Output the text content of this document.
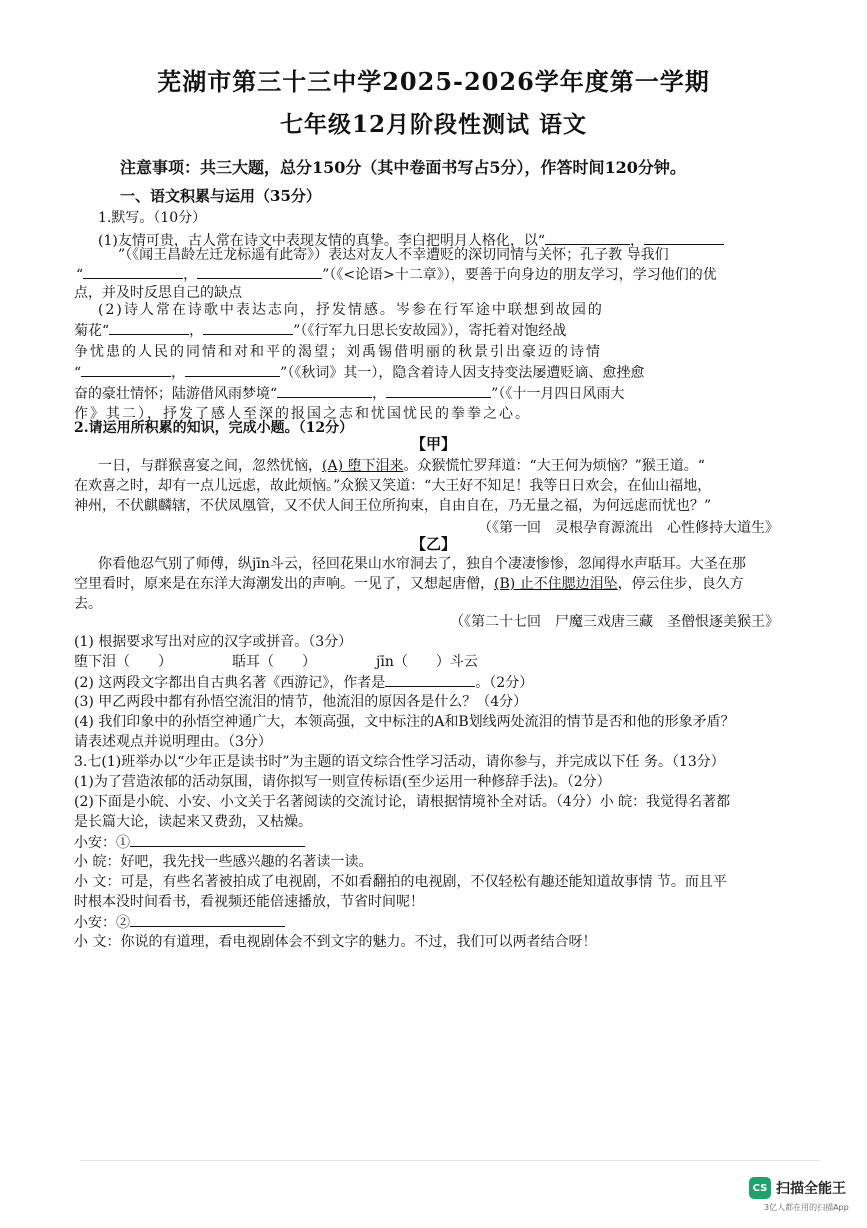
芜湖市第三十三中学2025-2026学年度第一学期
七年级12月阶段性测试 语文
注意事项：共三大题，总分150分（其中卷面书写占5分），作答时间120分钟。
一、语文积累与运用（35分）
1.默写。（10分）
(1)友情可贵，古人常在诗文中表现友情的真挚。李白把明月人格化，以“	，
”（《闻王昌龄左迁龙标遥有此寄》）表达对友人不幸遭贬的深切同情与关怀；孔子教 导我们
“	，	”（《<论语>十二章》），要善于向身边的朋友学习，学习他们的优
点，并及时反思自己的缺点
(2)诗人常在诗歌中表达志向，抒发情感。岑参在行军途中联想到故园的
菊花“	，	”（《行军九日思长安故园》），寄托着对饱经战
争忧患的人民的同情和对和平的渴望；刘禹锡借明丽的秋景引出豪迈的诗情
“	，	”（《秋词》其一），隐含着诗人因支持变法屡遭贬谪、愈挫愈
奋的豪壮情怀；陆游借风雨梦境“	，	”（《十一月四日风雨大
作》其二），抒发了感人至深的报国之志和忧国忧民的拳拳之心。
2.请运用所积累的知识，完成小题。（12分）
【甲】
一日，与群猴喜宴之间，忽然忧恼，(A) 堕下泪来。众猴慌忙罗拜道：“大王何为烦恼？”猴王道。“
在欢喜之时，却有一点儿远虑，故此烦恼。”众猴又笑道：“大王好不知足！我等日日欢会，在仙山福地，
神州，不伏麒麟辖，不伏凤凰管，又不伏人间王位所拘束，自由自在，乃无量之福，为何远虑而忧也？”
（《第一回　灵根孕育源流出　心性修持大道生》
【乙】
你看他忍气别了师傅，纵jīn斗云，径回花果山水帘洞去了，独自个凄凄惨惨，忽闻得水声聒耳。大圣在那
空里看时，原来是在东洋大海潮发出的声响。一见了，又想起唐僧，(B) 止不住腮边泪坠，停云住步，良久方
去。
（《第二十七回　尸魔三戏唐三藏　圣僧恨逐美猴王》
(1) 根据要求写出对应的汉字或拼音。（3分）
堕下泪（　　）	聒耳（　　）	jīn（　　）斗云
(2) 这两段文字都出自古典名著《西游记》，作者是	。（2分）
(3) 甲乙两段中都有孙悟空流泪的情节，他流泪的原因各是什么？（4分）
(4) 我们印象中的孙悟空神通广大，本领高强，文中标注的A和B划线两处流泪的情节是否和他的形象矛盾？
请表述观点并说明理由。（3分）
3.七(1)班举办以“少年正是读书时”为主题的语文综合性学习活动，请你参与，并完成以下任 务。（13分）
(1)为了营造浓郁的活动氛围，请你拟写一则宣传标语(至少运用一种修辞手法)。（2分）
(2)下面是小皖、小安、小文关于名著阅读的交流讨论，请根据情境补全对话。（4分）小 皖：我觉得名著都
是长篇大论，读起来又费劲，又枯燥。
小安：①
小 皖：好吧，我先找一些感兴趣的名著读一读。
小 文：可是，有些名著被拍成了电视剧，不如看翻拍的电视剧，不仅轻松有趣还能知道故事情 节。而且平
时根本没时间看书，看视频还能倍速播放，节省时间呢！
小安：②
小 文：你说的有道理，看电视剧体会不到文字的魅力。不过，我们可以两者结合呀！
CS 扫描全能王
3亿人都在用的扫描App
